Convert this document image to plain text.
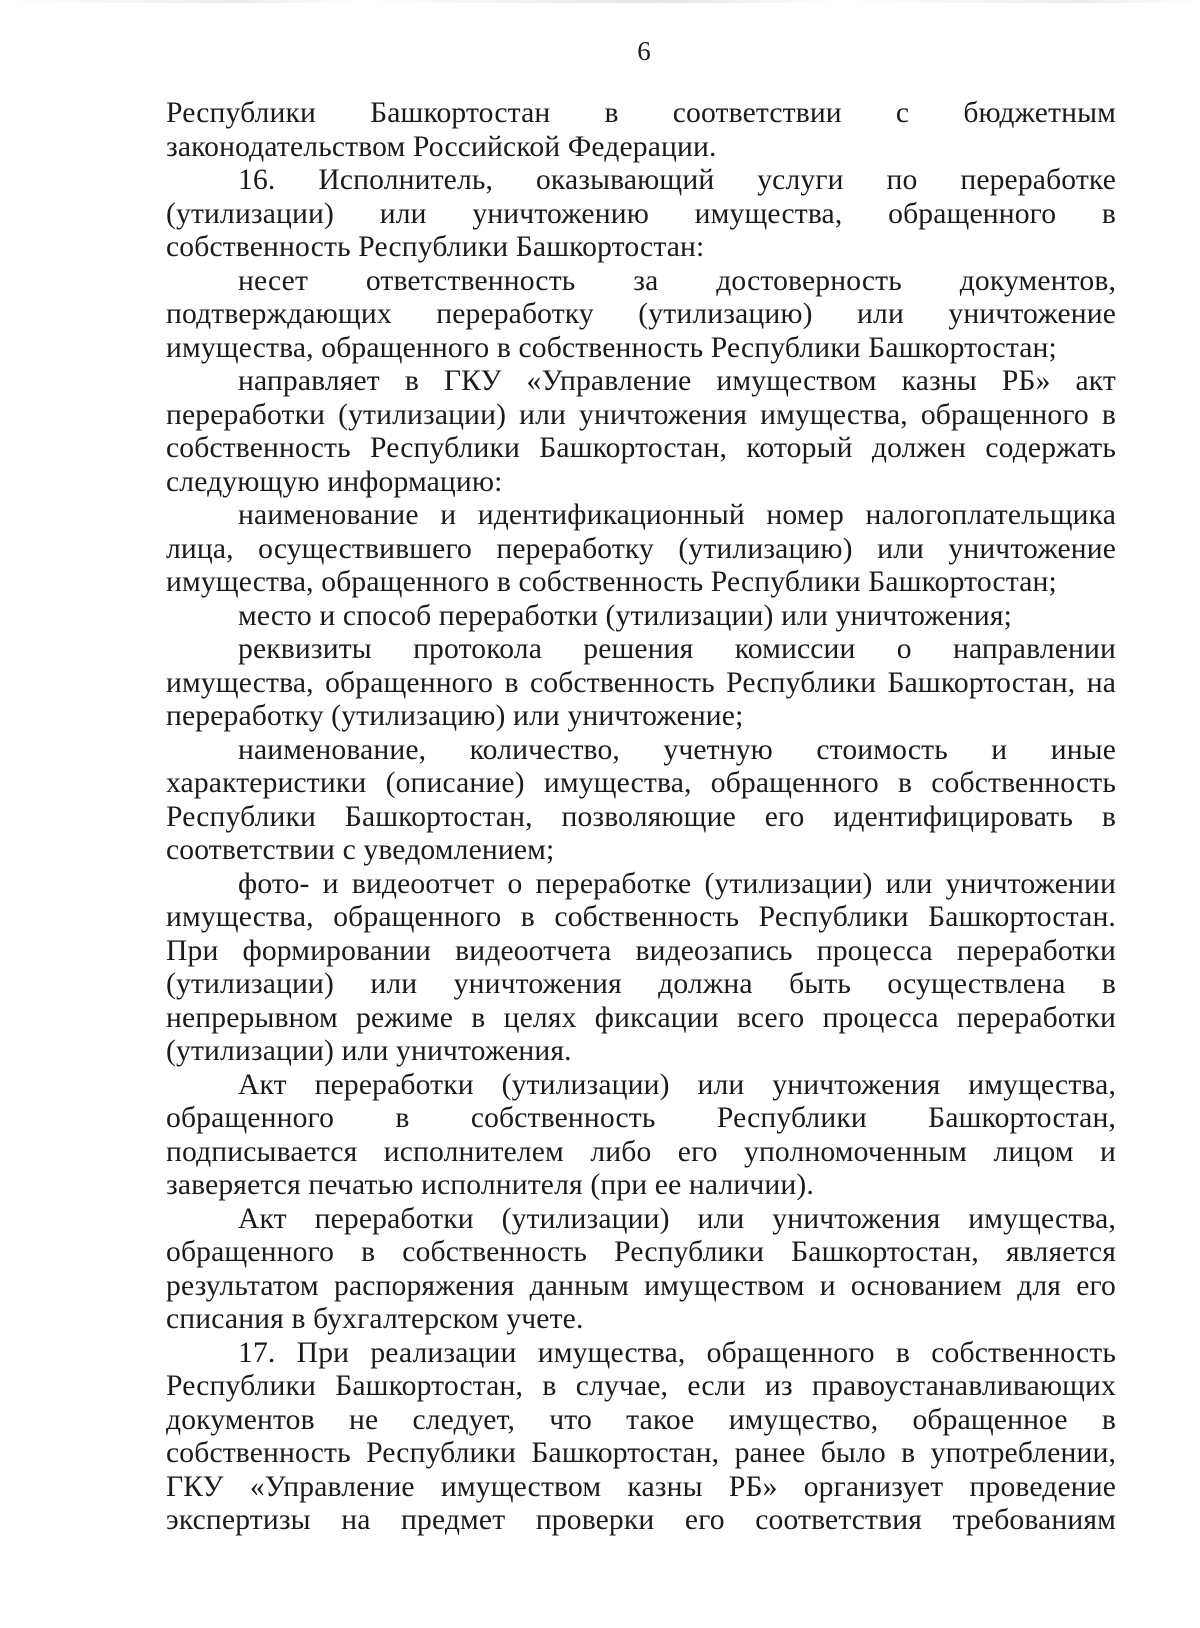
6
Республики Башкортостан в соответствии с бюджетным
законодательством Российской Федерации.
16. Исполнитель, оказывающий услуги по переработке
(утилизации) или уничтожению имущества, обращенного в
собственность Республики Башкортостан:
несет ответственность за достоверность документов,
подтверждающих переработку (утилизацию) или уничтожение
имущества, обращенного в собственность Республики Башкортостан;
направляет в ГКУ «Управление имуществом казны РБ» акт
переработки (утилизации) или уничтожения имущества, обращенного в
собственность Республики Башкортостан, который должен содержать
следующую информацию:
наименование и идентификационный номер налогоплательщика
лица, осуществившего переработку (утилизацию) или уничтожение
имущества, обращенного в собственность Республики Башкортостан;
место и способ переработки (утилизации) или уничтожения;
реквизиты протокола решения комиссии о направлении
имущества, обращенного в собственность Республики Башкортостан, на
переработку (утилизацию) или уничтожение;
наименование, количество, учетную стоимость и иные
характеристики (описание) имущества, обращенного в собственность
Республики Башкортостан, позволяющие его идентифицировать в
соответствии с уведомлением;
фото- и видеоотчет о переработке (утилизации) или уничтожении
имущества, обращенного в собственность Республики Башкортостан.
При формировании видеоотчета видеозапись процесса переработки
(утилизации) или уничтожения должна быть осуществлена в
непрерывном режиме в целях фиксации всего процесса переработки
(утилизации) или уничтожения.
Акт переработки (утилизации) или уничтожения имущества,
обращенного в собственность Республики Башкортостан,
подписывается исполнителем либо его уполномоченным лицом и
заверяется печатью исполнителя (при ее наличии).
Акт переработки (утилизации) или уничтожения имущества,
обращенного в собственность Республики Башкортостан, является
результатом распоряжения данным имуществом и основанием для его
списания в бухгалтерском учете.
17. При реализации имущества, обращенного в собственность
Республики Башкортостан, в случае, если из правоустанавливающих
документов не следует, что такое имущество, обращенное в
собственность Республики Башкортостан, ранее было в употреблении,
ГКУ «Управление имуществом казны РБ» организует проведение
экспертизы на предмет проверки его соответствия требованиям
